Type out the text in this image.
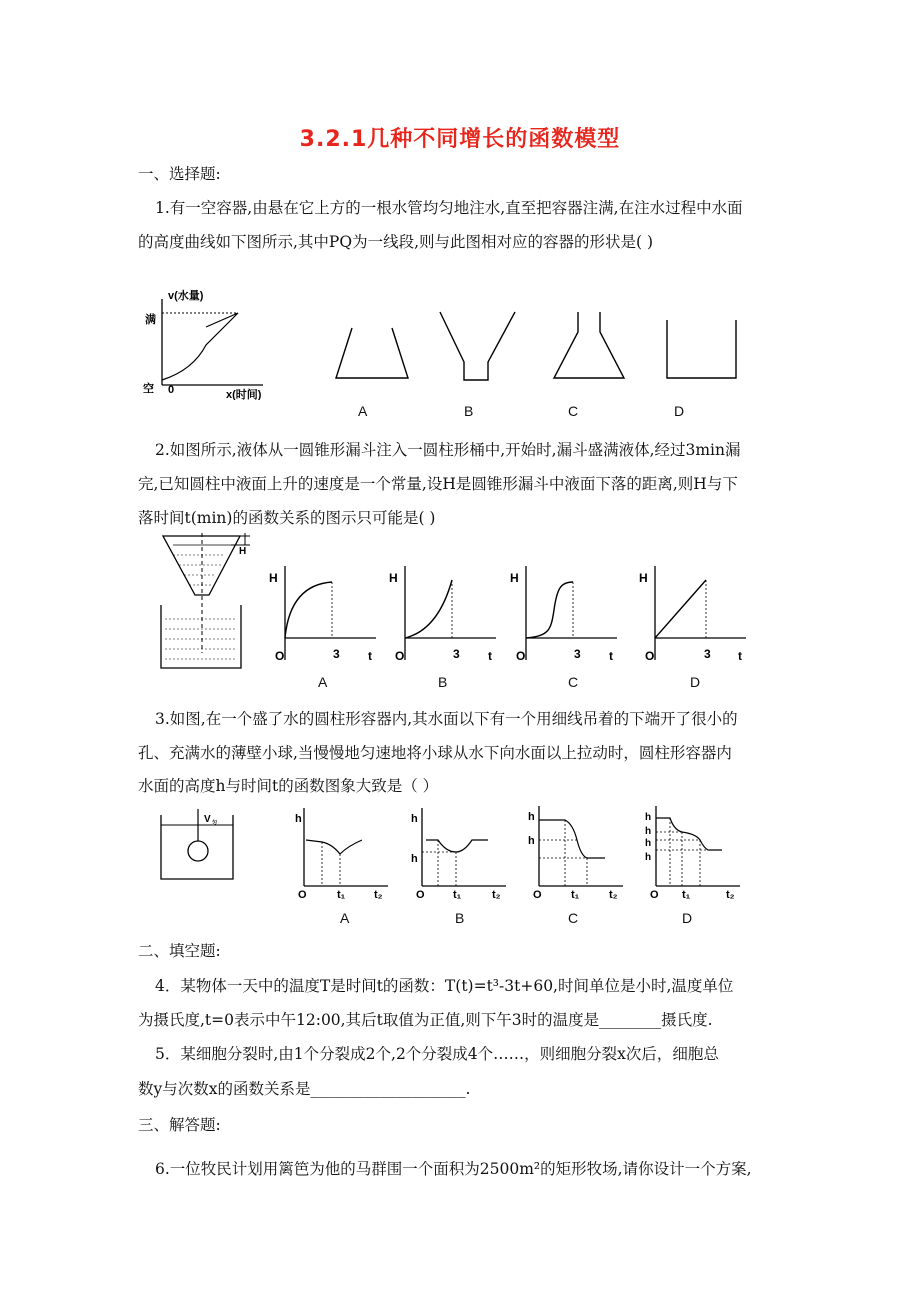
3.2.1几种不同增长的函数模型
一、选择题:
1.有一空容器,由悬在它上方的一根水管均匀地注水,直至把容器注满,在注水过程中水面
的高度曲线如下图所示,其中PQ为一线段,则与此图相对应的容器的形状是( )
v(水量)
满
空 0	x(时间)
A	B	C	D
2.如图所示,液体从一圆锥形漏斗注入一圆柱形桶中,开始时,漏斗盛满液体,经过3min漏
完,已知圆柱中液面上升的速度是一个常量,设H是圆锥形漏斗中液面下落的距离,则H与下
落时间t(min)的函数关系的图示只可能是( )
H
H
O	3 t
H
O	3 t
H
O	3 t
H
O	3 t
A	B	C	D
3.如图,在一个盛了水的圆柱形容器内,其水面以下有一个用细线吊着的下端开了很小的
孔、充满水的薄壁小球,当慢慢地匀速地将小球从水下向水面以上拉动时，圆柱形容器内
水面的高度h与时间t的函数图象大致是（ ）
V 匀	h
O	t₁	t₂
h
h
O	t₁	t₂
h
h
O	t₁	t₂
h
h
h
h
O t₁	t₂
A	B	C	D
二、填空题:
4．某物体一天中的温度T是时间t的函数：T(t)=t³-3t+60,时间单位是小时,温度单位
为摄氏度,t=0表示中午12:00,其后t取值为正值,则下午3时的温度是________摄氏度.
5．某细胞分裂时,由1个分裂成2个,2个分裂成4个……，则细胞分裂x次后，细胞总
数y与次数x的函数关系是____________________.
三、解答题:
6.一位牧民计划用篱笆为他的马群围一个面积为2500m²的矩形牧场,请你设计一个方案,
